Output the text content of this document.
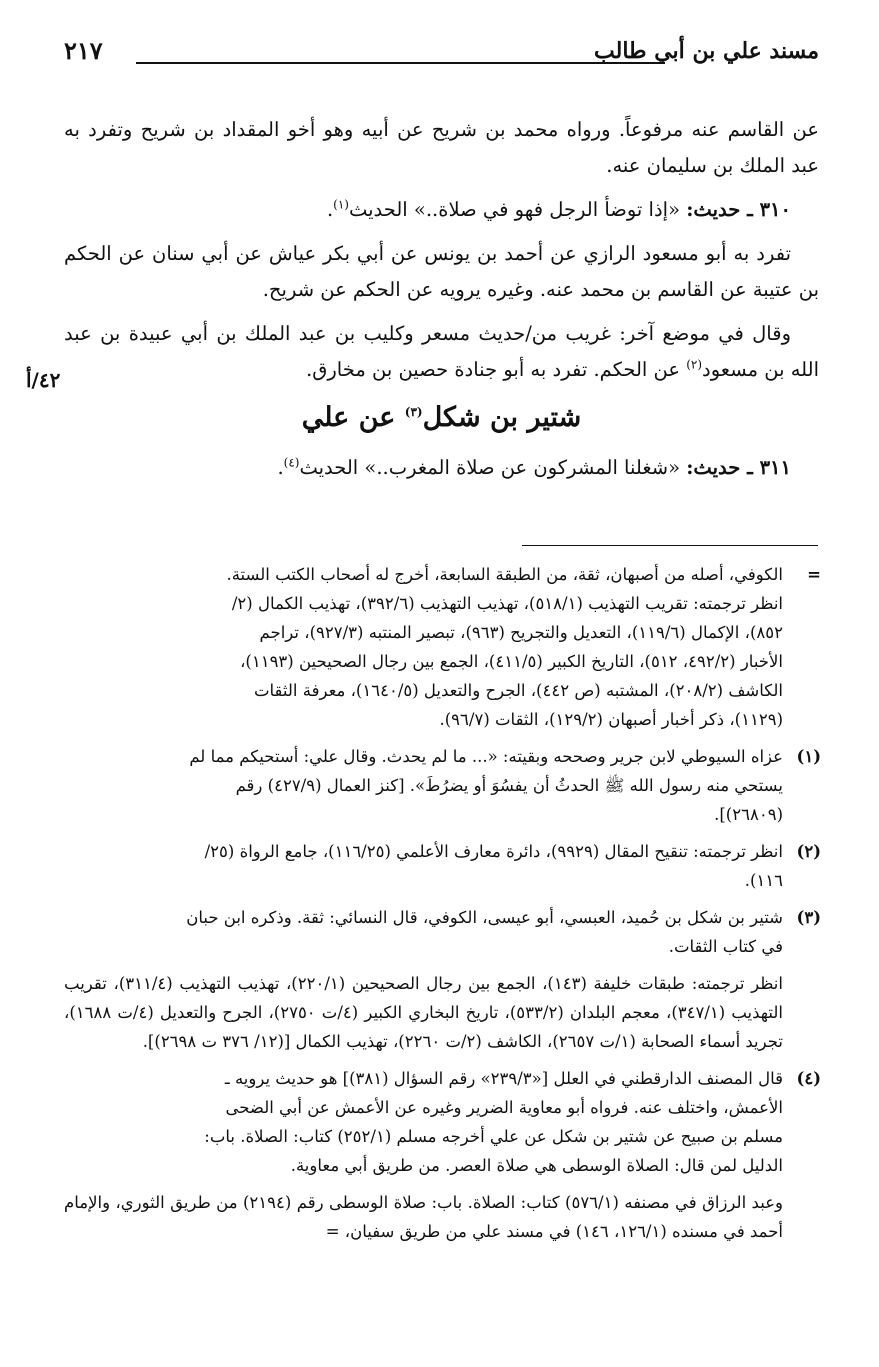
مسند علي بن أبي طالب
٢١٧
٤٢/أ

عن القاسم عنه مرفوعاً. ورواه محمد بن شريح عن أبيه وهو أخو المقداد بن شريح وتفرد به عبد الملك بن سليمان عنه.

٣١٠ ـ حديث: «إذا توضأ الرجل فهو في صلاة..» الحديث$^{(١)}$.

تفرد به أبو مسعود الرازي عن أحمد بن يونس عن أبي بكر عياش عن أبي سنان عن الحكم بن عتيبة عن القاسم بن محمد عنه. وغيره يرويه عن الحكم عن شريح.

وقال في موضع آخر: غريب من/حديث مسعر وكليب بن عبد الملك بن أبي عبيدة بن عبد الله بن مسعود$^{(٢)}$ عن الحكم. تفرد به أبو جنادة حصين بن مخارق.

شتير بن شكل$^{(٣)}$ عن علي

٣١١ ـ حديث: «شغلنا المشركون عن صلاة المغرب..» الحديث$^{(٤)}$.

=
الكوفي، أصله من أصبهان، ثقة، من الطبقة السابعة، أخرج له أصحاب الكتب الستة.
انظر ترجمته: تقريب التهذيب (٥١٨/١)، تهذيب التهذيب (٣٩٢/٦)، تهذيب الكمال (٢/
٨٥٢)، الإكمال (١١٩/٦)، التعديل والتجريح (٩٦٣)، تبصير المنتبه (٩٢٧/٣)، تراجم
الأخبار (٤٩٢/٢، ٥١٢)، التاريخ الكبير (٤١١/٥)، الجمع بين رجال الصحيحين (١١٩٣)،
الكاشف (٢٠٨/٢)، المشتبه (ص ٤٤٢)، الجرح والتعديل (١٦٤٠/٥)، معرفة الثقات
(١١٢٩)، ذكر أخبار أصبهان (١٢٩/٢)، الثقات (٩٦/٧).
(١)
عزاه السيوطي لابن جرير وصححه وبقيته: «... ما لم يحدث. وقال علي: أستحيكم مما لم
يستحي منه رسول الله ﷺ الحدثُ أن يفسُوَ أو يضرُطَ». [كنز العمال (٤٢٧/٩) رقم
(٢٦٨٠٩)].
(٢)
انظر ترجمته: تنقيح المقال (٩٩٢٩)، دائرة معارف الأعلمي (١١٦/٢٥)، جامع الرواة (٢٥/
١١٦).
(٣)
شتير بن شكل بن حُميد، العبسي، أبو عيسى، الكوفي، قال النسائي: ثقة. وذكره ابن حبان
في كتاب الثقات.
انظر ترجمته: طبقات خليفة (١٤٣)، الجمع بين رجال الصحيحين (٢٢٠/١)، تهذيب التهذيب (٣١١/٤)، تقريب التهذيب (٣٤٧/١)، معجم البلدان (٥٣٣/٢)، تاريخ البخاري الكبير (٤/ت ٢٧٥٠)، الجرح والتعديل (٤/ت ١٦٨٨)، تجريد أسماء الصحابة (١/ت ٢٦٥٧)، الكاشف (٢/ت ٢٢٦٠)، تهذيب الكمال [(١٢/ ٣٧٦ ت ٢٦٩٨)].
(٤)
قال المصنف الدارقطني في العلل [«٢٣٩/٣» رقم السؤال (٣٨١)] هو حديث يرويه ـ
الأعمش، واختلف عنه. فرواه أبو معاوية الضرير وغيره عن الأعمش عن أبي الضحى
مسلم بن صبيح عن شتير بن شكل عن علي أخرجه مسلم (٢٥٢/١) كتاب: الصلاة. باب:
الدليل لمن قال: الصلاة الوسطى هي صلاة العصر. من طريق أبي معاوية.
وعبد الرزاق في مصنفه (٥٧٦/١) كتاب: الصلاة. باب: صلاة الوسطى رقم (٢١٩٤) من طريق الثوري، والإمام أحمد في مسنده (١٢٦/١، ١٤٦) في مسند علي من طريق سفيان، =
